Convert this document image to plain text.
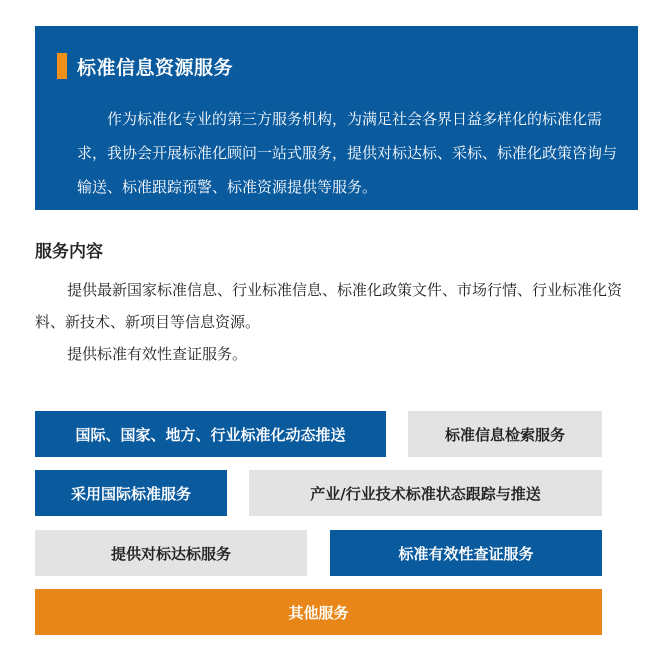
标准信息资源服务
作为标准化专业的第三方服务机构，为满足社会各界日益多样化的标准化需求，我协会开展标准化顾问一站式服务，提供对标达标、采标、标准化政策咨询与输送、标准跟踪预警、标准资源提供等服务。
服务内容
提供最新国家标准信息、行业标准信息、标准化政策文件、市场行情、行业标准化资料、新技术、新项目等信息资源。
提供标准有效性查证服务。
国际、国家、地方、行业标准化动态推送	标准信息检索服务
采用国际标准服务	产业/行业技术标准状态跟踪与推送
提供对标达标服务	标准有效性查证服务
其他服务
